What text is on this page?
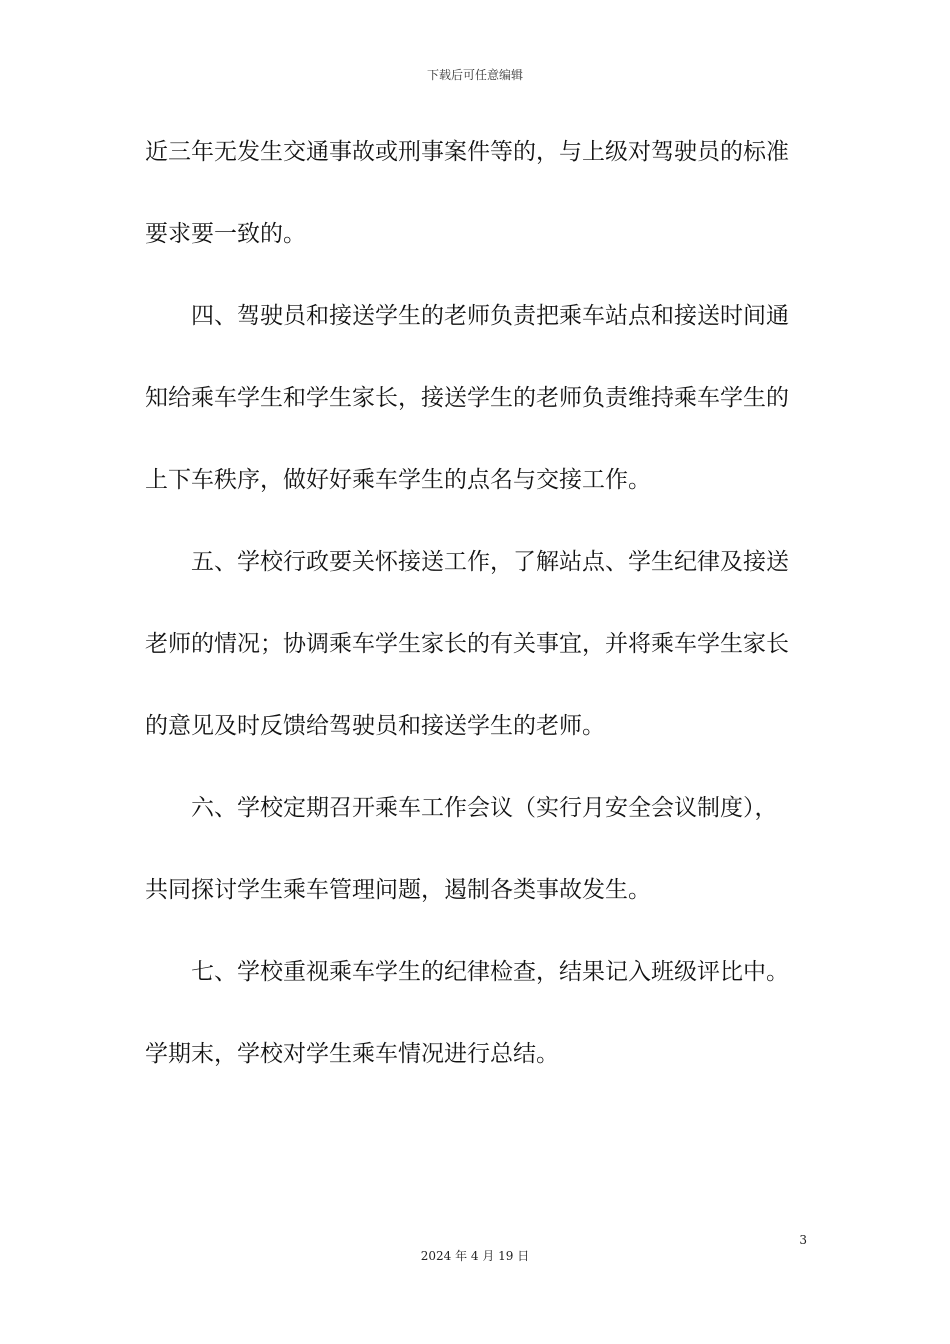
下载后可任意编辑
近三年无发生交通事故或刑事案件等的，与上级对驾驶员的标准
要求要一致的。
四、驾驶员和接送学生的老师负责把乘车站点和接送时间通
知给乘车学生和学生家长，接送学生的老师负责维持乘车学生的
上下车秩序，做好好乘车学生的点名与交接工作。
五、学校行政要关怀接送工作，了解站点、学生纪律及接送
老师的情况；协调乘车学生家长的有关事宜，并将乘车学生家长
的意见及时反馈给驾驶员和接送学生的老师。
六、学校定期召开乘车工作会议（实行月安全会议制度），
共同探讨学生乘车管理问题，遏制各类事故发生。
七、学校重视乘车学生的纪律检查，结果记入班级评比中。
学期末，学校对学生乘车情况进行总结。
3
2024 年 4 月 19 日
